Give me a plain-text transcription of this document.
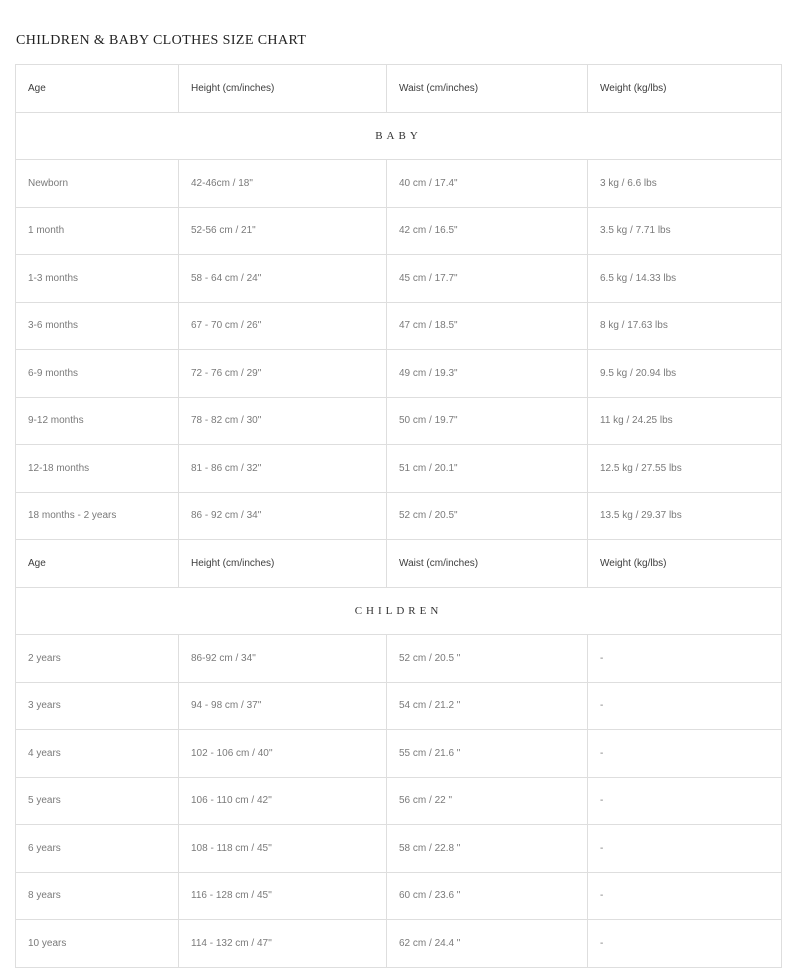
CHILDREN & BABY CLOTHES SIZE CHART
Age	Height (cm/inches)	Waist (cm/inches)	Weight (kg/lbs)
BABY			
Newborn	42-46cm / 18"	40 cm / 17.4"	3 kg / 6.6 lbs
1 month	52-56 cm / 21"	42 cm / 16.5"	3.5 kg / 7.71 lbs
1-3 months	58 - 64 cm / 24"	45 cm / 17.7"	6.5 kg / 14.33 lbs
3-6 months	67 - 70 cm / 26"	47 cm / 18.5"	8 kg / 17.63 lbs
6-9 months	72 - 76 cm / 29"	49 cm / 19.3"	9.5 kg / 20.94 lbs
9-12 months	78 - 82 cm / 30"	50 cm / 19.7"	11 kg / 24.25 lbs
12-18 months	81 - 86 cm / 32"	51 cm / 20.1"	12.5 kg / 27.55 lbs
18 months - 2 years	86 - 92 cm / 34"	52 cm / 20.5"	13.5 kg / 29.37 lbs
Age	Height (cm/inches)	Waist (cm/inches)	Weight (kg/lbs)
CHILDREN			
2 years	86-92 cm / 34''	52 cm / 20.5 "	-
3 years	94 - 98 cm / 37''	54 cm / 21.2 "	-
4 years	102 - 106 cm / 40''	55 cm / 21.6 "	-
5 years	106 - 110 cm / 42''	56 cm / 22 "	-
6 years	108 - 118 cm / 45''	58 cm / 22.8 "	-
8 years	116 - 128 cm / 45''	60 cm / 23.6 "	-
10 years	114 - 132 cm / 47''	62 cm / 24.4 "	-
